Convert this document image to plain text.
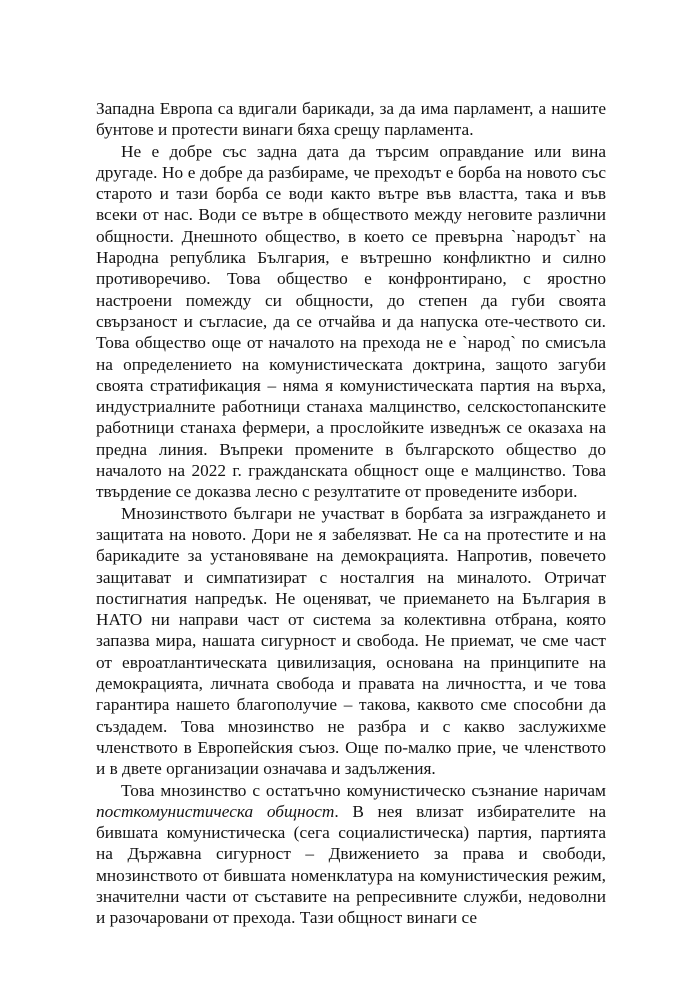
Западна Европа са вдигали барикади, за да има парламент, а нашите бунтове и протести винаги бяха срещу парламента.

Не е добре със задна дата да търсим оправдание или вина другаде. Но е добре да разбираме, че преходът е борба на новото със старото и тази борба се води както вътре във властта, така и във всеки от нас. Води се вътре в обществото между неговите различни общности. Днешното общество, в което се превърна `народът` на Народна република България, е вътрешно конфликтно и силно противоречиво. Това общество е конфронтирано, с яростно настроени помежду си общности, до степен да губи своята свързаност и съгласие, да се отчайва и да напуска оте-чеството си. Това общество още от началото на прехода не е `народ` по смисъла на определението на комунистическата доктрина, защото загуби своята стратификация – няма я комунистическата партия на върха, индустриалните работници станаха малцинство, селскостопанските работници станаха фермери, а прослойките изведнъж се оказаха на предна линия. Въпреки промените в българското общество до началото на 2022 г. гражданската общност още е малцинство. Това твърдение се доказва лесно с резултатите от проведените избори.

Мнозинството българи не участват в борбата за изграждането и защитата на новото. Дори не я забелязват. Не са на протестите и на барикадите за установяване на демокрацията. Напротив, повечето защитават и симпатизират с носталгия на миналото. Отричат постигнатия напредък. Не оценяват, че приемането на България в НАТО ни направи част от система за колективна отбрана, която запазва мира, нашата сигурност и свобода. Не приемат, че сме част от евроатлантическата цивилизация, основана на принципите на демокрацията, личната свобода и правата на личността, и че това гарантира нашето благополучие – такова, каквото сме способни да създадем. Това мнозинство не разбра и с какво заслужихме членството в Европейския съюз. Още по-малко прие, че членството и в двете организации означава и задължения.

Това мнозинство с остатъчно комунистическо съзнание наричам посткомунистическа общност. В нея влизат избирателите на бившата комунистическа (сега социалистическа) партия, партията на Държавна сигурност – Движението за права и свободи, мнозинството от бившата номенклатура на комунистическия режим, значителни части от съставите на репресивните служби, недоволни и разочаровани от прехода. Тази общност винаги се
